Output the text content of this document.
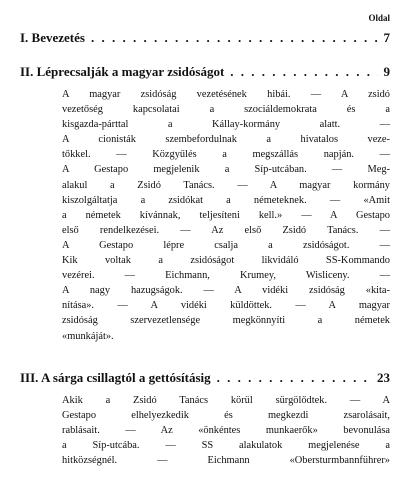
Oldal
I. Bevezetés . . .	7
II. Léprecsalják a magyar zsidóságot . . .	9
A magyar zsidóság vezetésének hibái. — A zsidó
vezetőség kapcsolatai a szociáldemokrata és a
kisgazda-párttal a Kállay-kormány alatt. —
A cionisták szembefordulnak a hivatalos veze-
tőkkel. — Közgyűlés a megszállás napján. —
A Gestapo megjelenik a Síp-utcában. — Meg-
alakul a Zsidó Tanács. — A magyar kormány
kiszolgáltatja a zsidókat a németeknek. — «Amit
a németek kívánnak, teljesíteni kell.» — A Gestapo
első rendelkezései. — Az első Zsidó Tanács. —
A Gestapo lépre csalja a zsidóságot. —
Kik voltak a zsidóságot likvidáló SS-Kommando
vezérei. — Eichmann, Krumey, Wisliceny. —
A nagy hazugságok. — A vidéki zsidóság «kita-
nítása». — A vidéki küldöttek. — A magyar
zsidóság szervezetlensége megkönnyíti a németek
«munkáját».
III. A sárga csillagtól a gettósításig . . .	23
Akik a Zsidó Tanács körül sürgölődtek. — A
Gestapo elhelyezkedik és megkezdi zsarolásait,
rablásait. — Az «önkéntes munkaerők» bevonulása
a Síp-utcába. — SS alakulatok megjelenése a
hitközségnél. — Eichmann «Obersturmbannführer»
